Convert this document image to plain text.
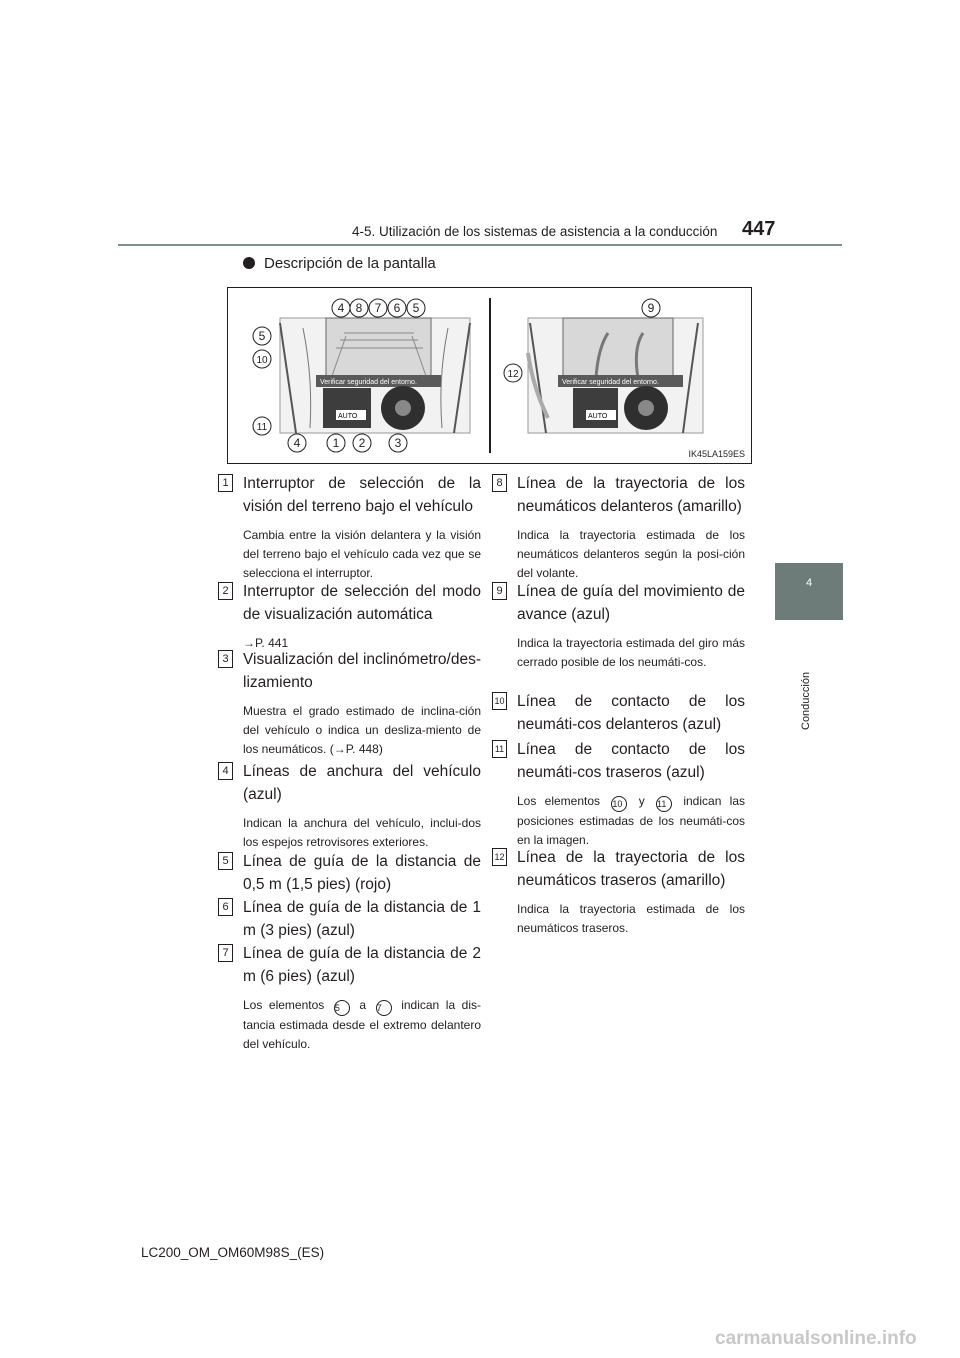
4-5. Utilización de los sistemas de asistencia a la conducción 447
4
Conducción
Descripción de la pantalla
Verificar seguridad del entorno.
AUTO
Verificar seguridad del entorno.
AUTO
4 8 7 6 5
5
10
11
4	1 2 3
9
12
IK45LA159ES
1 Interruptor de selección de la visión del terreno bajo el vehículo
Cambia entre la visión delantera y la visión del terreno bajo el vehículo cada vez que se selecciona el interruptor.
2 Interruptor de selección del modo de visualización automática
→P. 441
3 Visualización del inclinómetro/des-lizamiento
Muestra el grado estimado de inclina-ción del vehículo o indica un desliza-miento de los neumáticos. (→P. 448)
4 Líneas de anchura del vehículo (azul)
Indican la anchura del vehículo, inclui-dos los espejos retrovisores exteriores.
5 Línea de guía de la distancia de 0,5 m (1,5 pies) (rojo)
6 Línea de guía de la distancia de 1 m (3 pies) (azul)
7 Línea de guía de la distancia de 2 m (6 pies) (azul)
Los elementos 5 a 7 indican la dis-tancia estimada desde el extremo delantero del vehículo.
8 Línea de la trayectoria de los neumáticos delanteros (amarillo)
Indica la trayectoria estimada de los neumáticos delanteros según la posi-ción del volante.
9 Línea de guía del movimiento de avance (azul)
Indica la trayectoria estimada del giro más cerrado posible de los neumáti-cos.
10 Línea de contacto de los neumáti-cos delanteros (azul)
11 Línea de contacto de los neumáti-cos traseros (azul)
Los elementos 10 y 11 indican las posiciones estimadas de los neumáti-cos en la imagen.
12 Línea de la trayectoria de los neumáticos traseros (amarillo)
Indica la trayectoria estimada de los neumáticos traseros.
LC200_OM_OM60M98S_(ES)
carmanualsonline.info
